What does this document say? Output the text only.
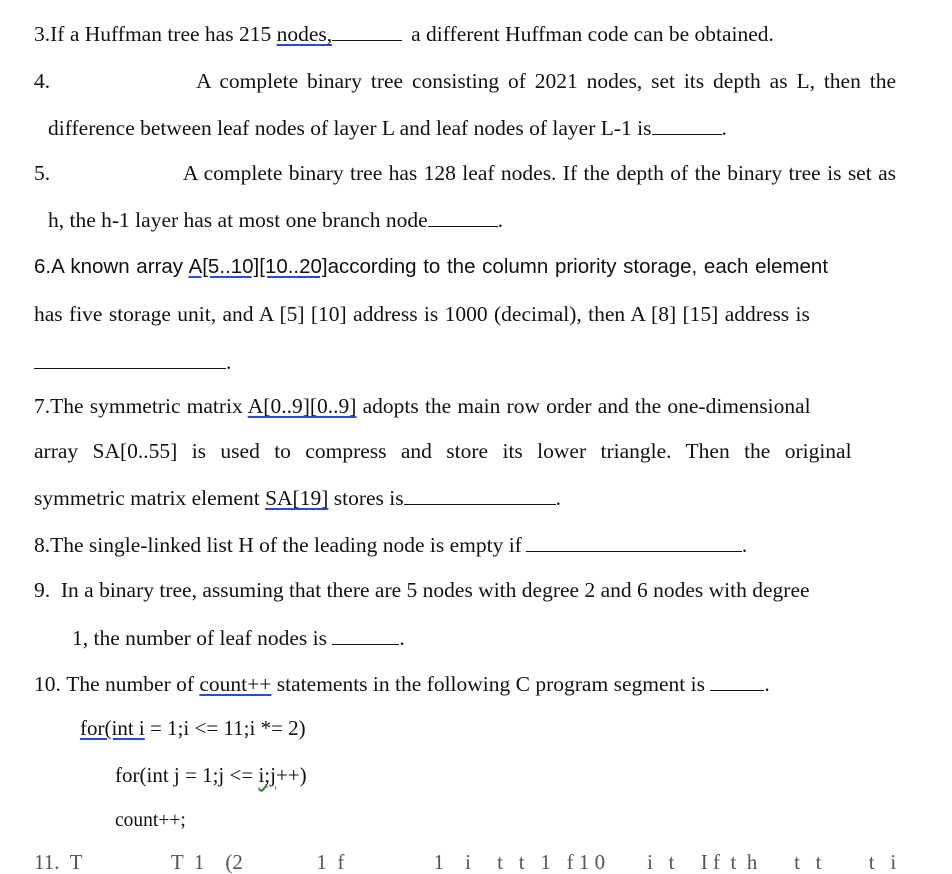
3.If a Huffman tree has 215 nodes,	a different Huffman code can be obtained.
4.	A complete binary tree consisting of 2021 nodes, set its depth as L, then the
difference between leaf nodes of layer L and leaf nodes of layer L-1 is	.
5.	A complete binary tree has 128 leaf nodes. If the depth of the binary tree is set as
h, the h-1 layer has at most one branch node	.
6.A known array A[5..10][10..20]according to the column priority storage, each element
has five storage unit, and A [5] [10] address is 1000 (decimal), then A [8] [15] address is
.
7.The symmetric matrix A[0..9][0..9] adopts the main row order and the one-dimensional
array SA[0..55] is used to compress and store its lower triangle. Then the original
symmetric matrix element SA[19] stores is	.
8.The single-linked list H of the leading node is empty if	.
9. In a binary tree, assuming that there are 5 nodes with degree 2 and 6 nodes with degree
1, the number of leaf nodes is	.
10. The number of count++ statements in the following C program segment is	.
for(int i = 1;i <= 11;i *= 2)
for(int j = 1;j <= i;j++)
count++;
11.  T                 T  1    (2              1  f                 1    i     t   t   1   f 1 0        i   t     I f  t  h       t   t         t   i
